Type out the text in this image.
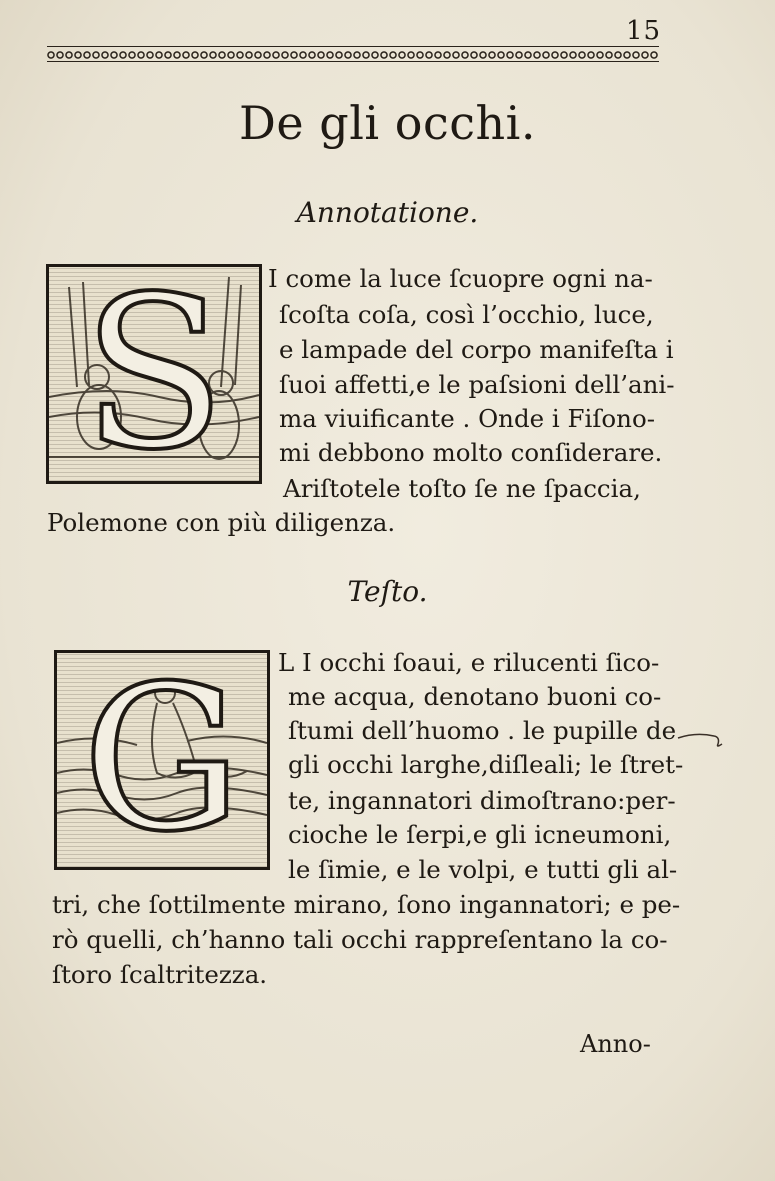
15
De gli occhi.
Annotatione.
S	I come la luce ſcuopre ogni na-
ſcoſta coſa, così l’occhio, luce,
e lampade del corpo manifeſta i
ſuoi affetti,e le paſsioni dell’ani-
ma viuificante . Onde i Fiſono-
mi debbono molto conſiderare.
Ariſtotele toſto ſe ne ſpaccia,
Polemone con più diligenza.
Teſto.
G	L I occhi ſoaui, e rilucenti ſico-
me acqua, denotano buoni co-
ſtumi dell’huomo . le pupille de
gli occhi larghe,diſleali; le ſtret-
te, ingannatori dimoſtrano:per-
cioche le ſerpi,e gli icneumoni,
le ſimie, e le volpi, e tutti gli al-
tri, che ſottilmente mirano, ſono ingannatori; e pe-
rò quelli, ch’hanno tali occhi rappreſentano la co-
ſtoro ſcaltritezza.
Anno-
